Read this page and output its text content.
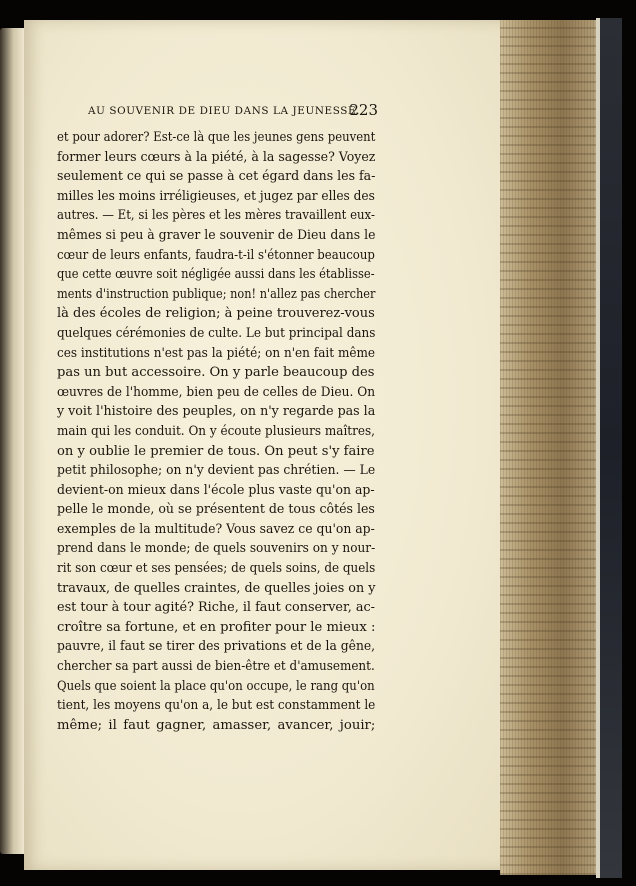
AU SOUVENIR DE DIEU DANS LA JEUNESSE.
223
et pour adorer? Est-ce là que les jeunes gens peuvent
former leurs cœurs à la piété, à la sagesse? Voyez
seulement ce qui se passe à cet égard dans les fa-
milles les moins irréligieuses, et jugez par elles des
autres. — Et, si les pères et les mères travaillent eux-
mêmes si peu à graver le souvenir de Dieu dans le
cœur de leurs enfants, faudra-t-il s'étonner beaucoup
que cette œuvre soit négligée aussi dans les établisse-
ments d'instruction publique; non! n'allez pas chercher
là des écoles de religion; à peine trouverez-vous
quelques cérémonies de culte. Le but principal dans
ces institutions n'est pas la piété; on n'en fait même
pas un but accessoire. On y parle beaucoup des
œuvres de l'homme, bien peu de celles de Dieu. On
y voit l'histoire des peuples, on n'y regarde pas la
main qui les conduit. On y écoute plusieurs maîtres,
on y oublie le premier de tous. On peut s'y faire
petit philosophe; on n'y devient pas chrétien. — Le
devient-on mieux dans l'école plus vaste qu'on ap-
pelle le monde, où se présentent de tous côtés les
exemples de la multitude? Vous savez ce qu'on ap-
prend dans le monde; de quels souvenirs on y nour-
rit son cœur et ses pensées; de quels soins, de quels
travaux, de quelles craintes, de quelles joies on y
est tour à tour agité? Riche, il faut conserver, ac-
croître sa fortune, et en profiter pour le mieux :
pauvre, il faut se tirer des privations et de la gêne,
chercher sa part aussi de bien-être et d'amusement.
Quels que soient la place qu'on occupe, le rang qu'on
tient, les moyens qu'on a, le but est constamment le
même; il faut gagner, amasser, avancer, jouir;
